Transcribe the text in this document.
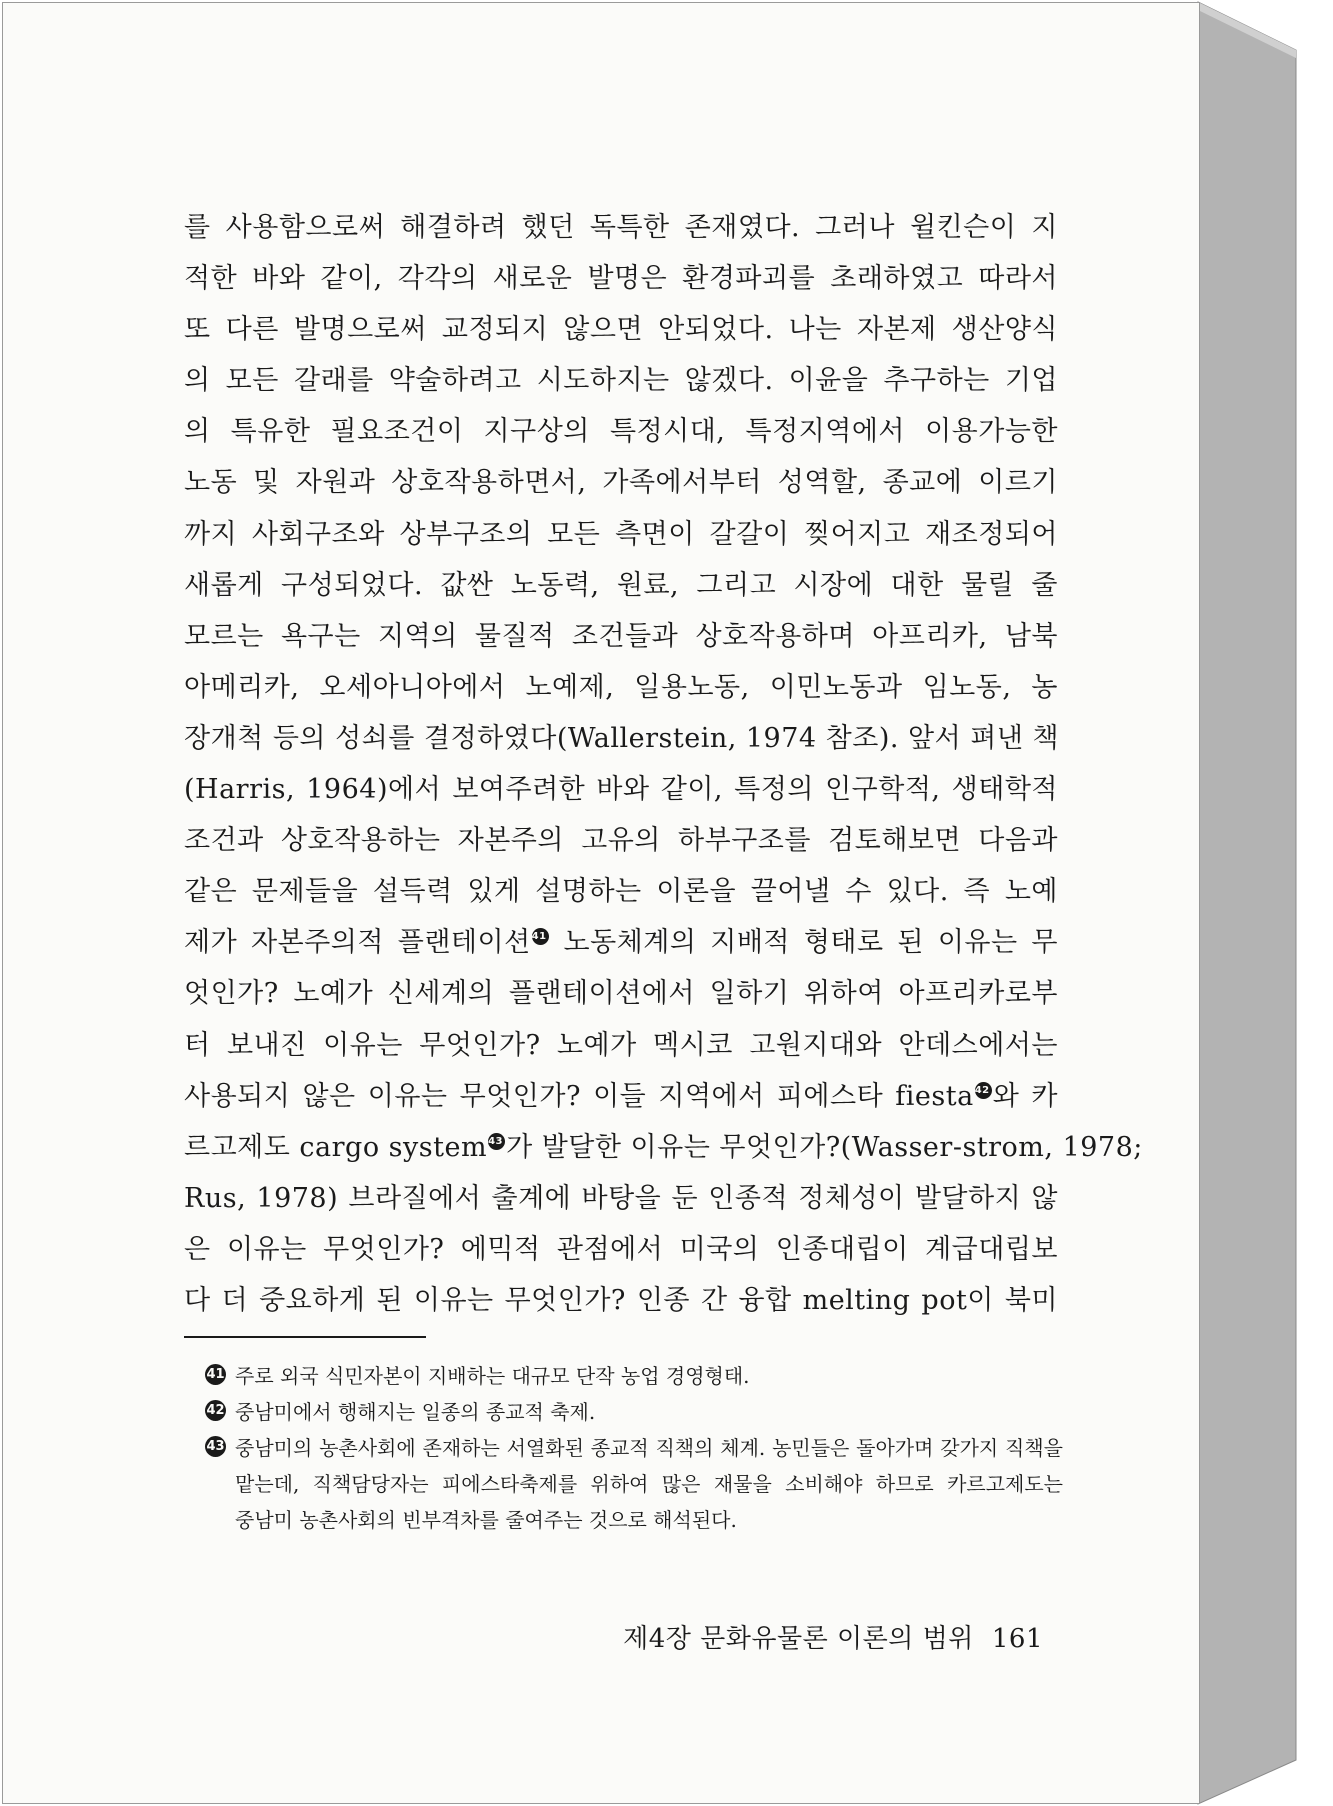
를 사용함으로써 해결하려 했던 독특한 존재였다. 그러나 윌킨슨이 지
적한 바와 같이, 각각의 새로운 발명은 환경파괴를 초래하였고 따라서
또 다른 발명으로써 교정되지 않으면 안되었다. 나는 자본제 생산양식
의 모든 갈래를 약술하려고 시도하지는 않겠다. 이윤을 추구하는 기업
의 특유한 필요조건이 지구상의 특정시대, 특정지역에서 이용가능한
노동 및 자원과 상호작용하면서, 가족에서부터 성역할, 종교에 이르기
까지 사회구조와 상부구조의 모든 측면이 갈갈이 찢어지고 재조정되어
새롭게 구성되었다. 값싼 노동력, 원료, 그리고 시장에 대한 물릴 줄
모르는 욕구는 지역의 물질적 조건들과 상호작용하며 아프리카, 남북
아메리카, 오세아니아에서 노예제, 일용노동, 이민노동과 임노동, 농
장개척 등의 성쇠를 결정하였다(Wallerstein, 1974 참조). 앞서 펴낸 책
(Harris, 1964)에서 보여주려한 바와 같이, 특정의 인구학적, 생태학적
조건과 상호작용하는 자본주의 고유의 하부구조를 검토해보면 다음과
같은 문제들을 설득력 있게 설명하는 이론을 끌어낼 수 있다. 즉 노예
제가 자본주의적 플랜테이션41 노동체계의 지배적 형태로 된 이유는 무
엇인가? 노예가 신세계의 플랜테이션에서 일하기 위하여 아프리카로부
터 보내진 이유는 무엇인가? 노예가 멕시코 고원지대와 안데스에서는
사용되지 않은 이유는 무엇인가? 이들 지역에서 피에스타 fiesta42 와 카
르고제도 cargo system43 가 발달한 이유는 무엇인가?(Wasser-strom, 1978;
Rus, 1978) 브라질에서 출계에 바탕을 둔 인종적 정체성이 발달하지 않
은 이유는 무엇인가? 에믹적 관점에서 미국의 인종대립이 계급대립보
다 더 중요하게 된 이유는 무엇인가? 인종 간 융합 melting pot이 북미
41 주로 외국 식민자본이 지배하는 대규모 단작 농업 경영형태.
42 중남미에서 행해지는 일종의 종교적 축제.
43 중남미의 농촌사회에 존재하는 서열화된 종교적 직책의 체계. 농민들은 돌아가며 갖가지 직책을 맡는데, 직책담당자는 피에스타축제를 위하여 많은 재물을 소비해야 하므로 카르고제도는 중남미 농촌사회의 빈부격차를 줄여주는 것으로 해석된다.
제4장 문화유물론 이론의 범위 161
